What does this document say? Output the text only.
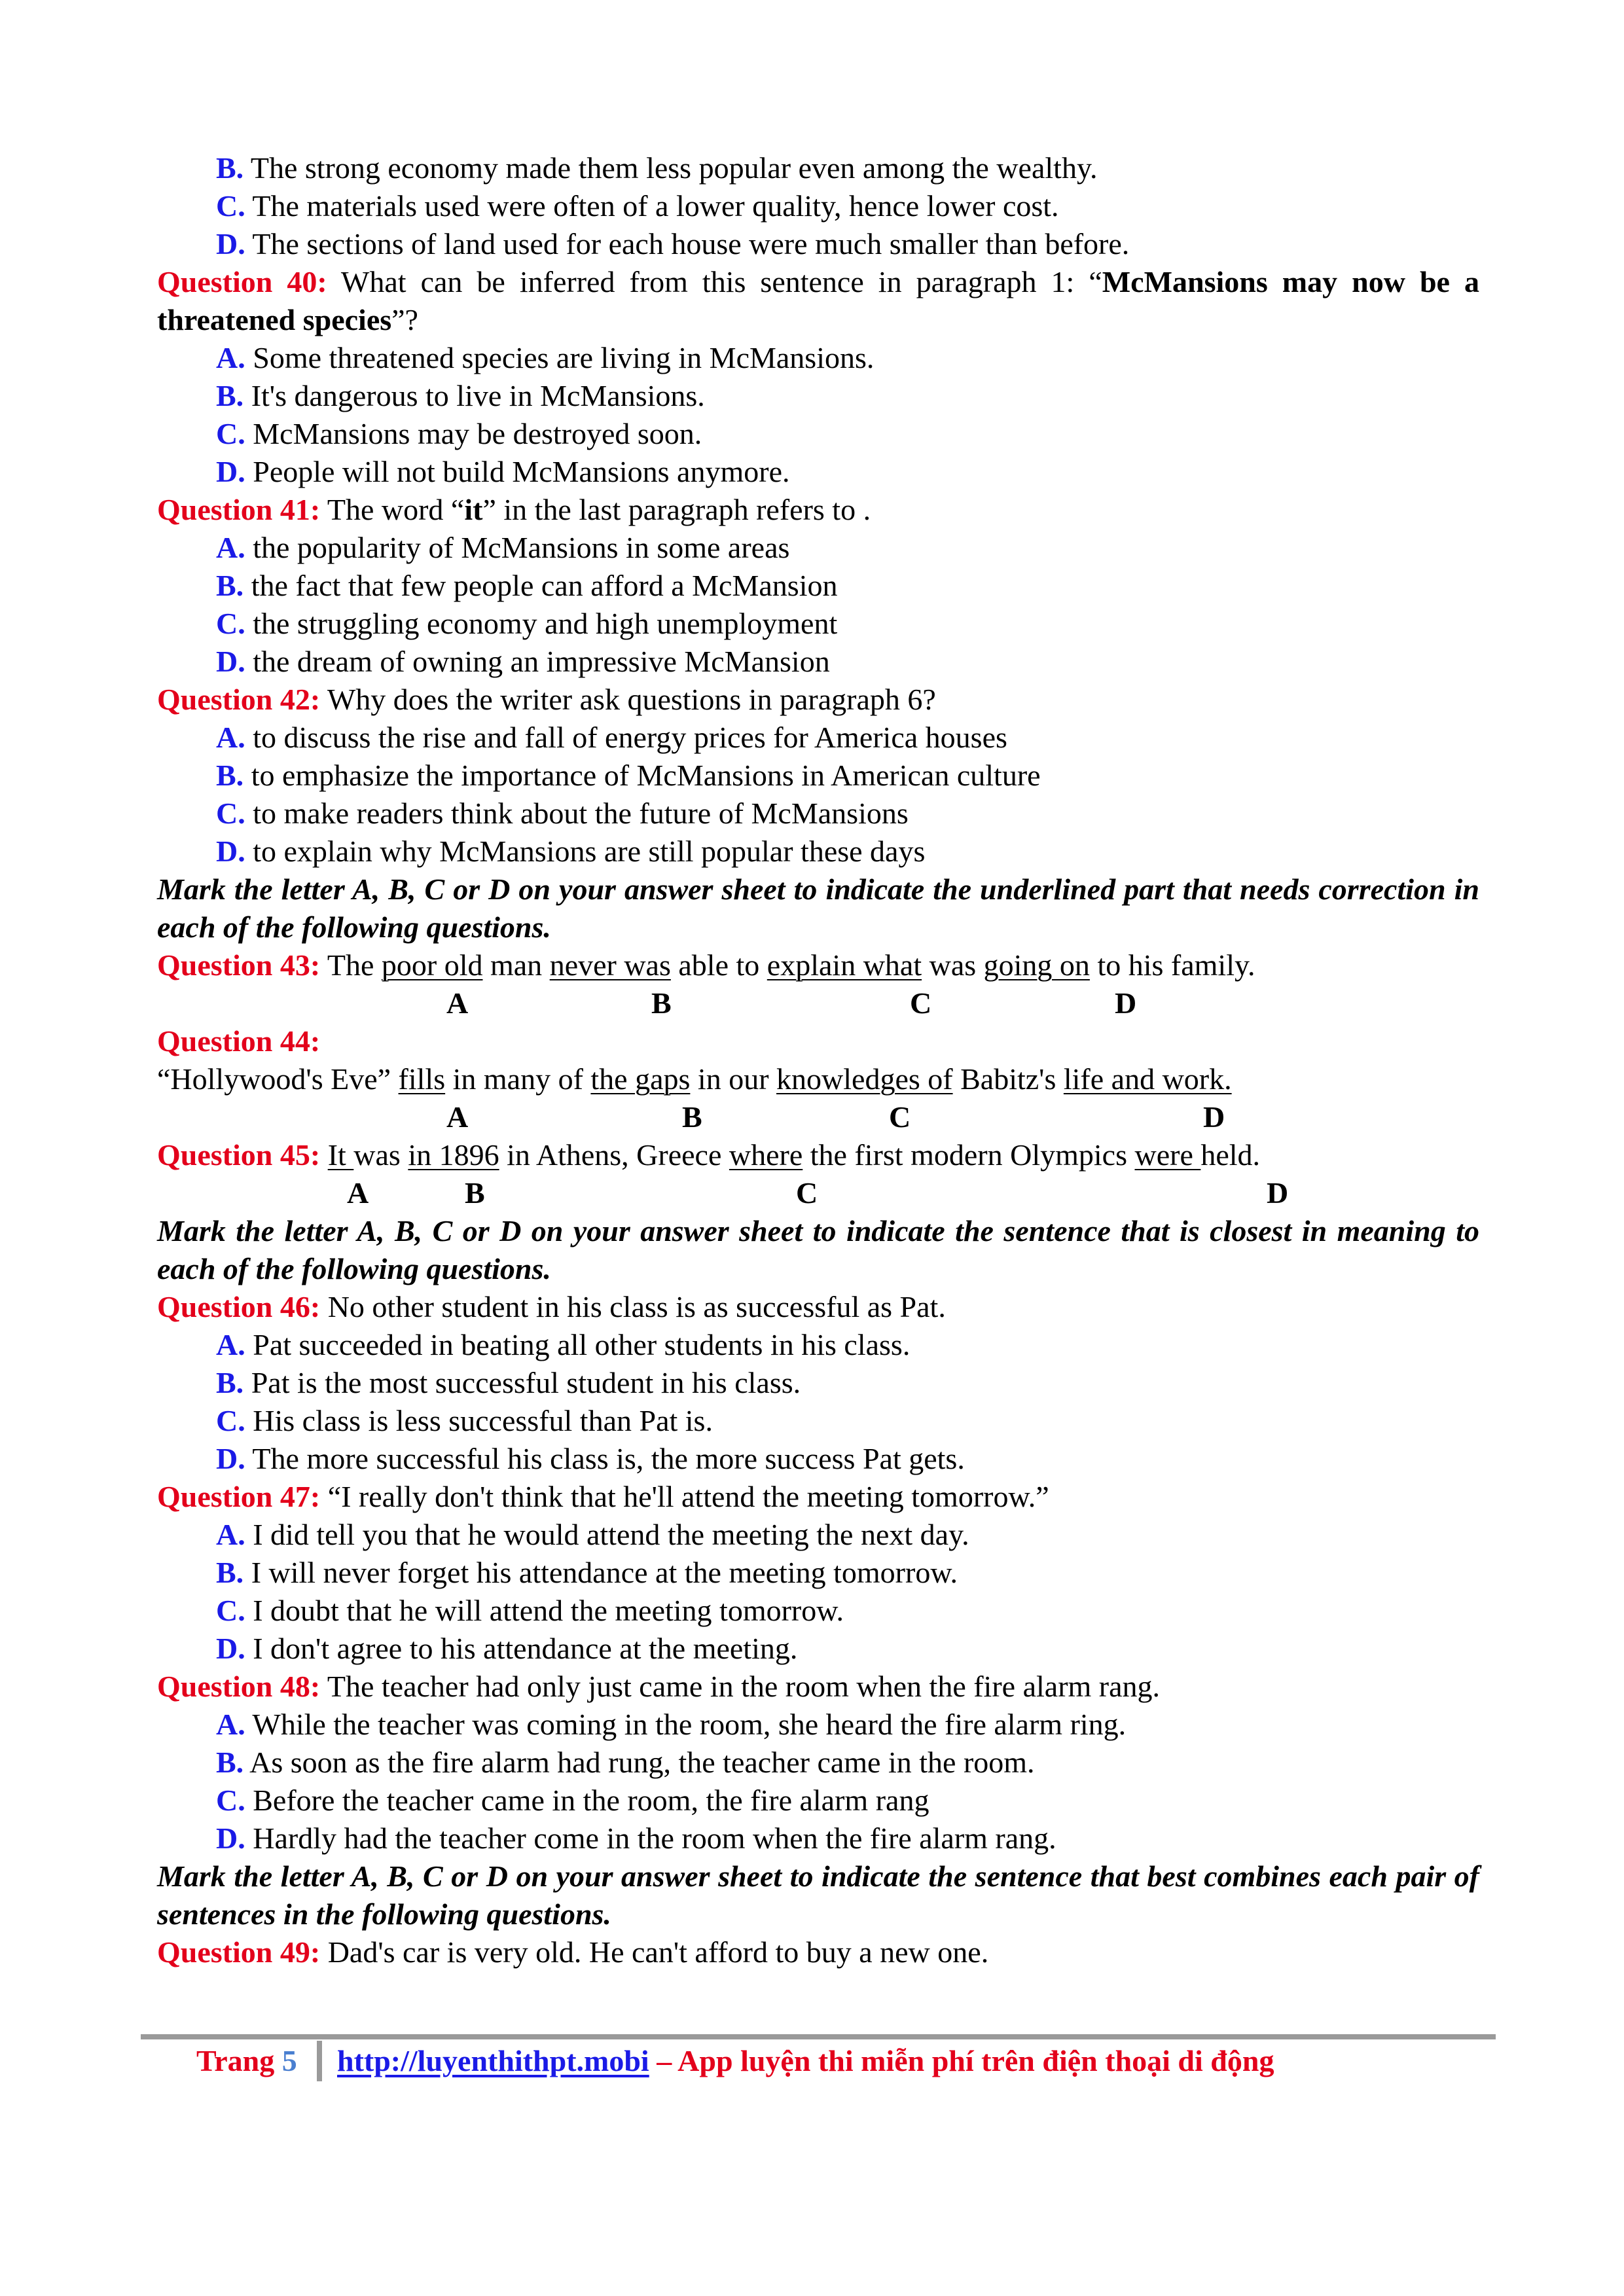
B. The strong economy made them less popular even among the wealthy.
C. The materials used were often of a lower quality, hence lower cost.
D. The sections of land used for each house were much smaller than before.
Question 40: What can be inferred from this sentence in paragraph 1: “McMansions may now be a threatened species”?
A. Some threatened species are living in McMansions.
B. It's dangerous to live in McMansions.
C. McMansions may be destroyed soon.
D. People will not build McMansions anymore.
Question 41: The word “it” in the last paragraph refers to .
A. the popularity of McMansions in some areas
B. the fact that few people can afford a McMansion
C. the struggling economy and high unemployment
D. the dream of owning an impressive McMansion
Question 42: Why does the writer ask questions in paragraph 6?
A. to discuss the rise and fall of energy prices for America houses
B. to emphasize the importance of McMansions in American culture
C. to make readers think about the future of McMansions
D. to explain why McMansions are still popular these days
Mark the letter A, B, C or D on your answer sheet to indicate the underlined part that needs correction in each of the following questions.
Question 43: The poor old man never was able to explain what was going on to his family.
A	B	C	D
Question 44:
“Hollywood's Eve” fills in many of the gaps in our knowledges of Babitz's life and work.
A	B	C	D
Question 45: It was in 1896 in Athens, Greece where the first modern Olympics were held.
A	B	C	D
Mark the letter A, B, C or D on your answer sheet to indicate the sentence that is closest in meaning to each of the following questions.
Question 46: No other student in his class is as successful as Pat.
A. Pat succeeded in beating all other students in his class.
B. Pat is the most successful student in his class.
C. His class is less successful than Pat is.
D. The more successful his class is, the more success Pat gets.
Question 47: “I really don't think that he'll attend the meeting tomorrow.”
A. I did tell you that he would attend the meeting the next day.
B. I will never forget his attendance at the meeting tomorrow.
C. I doubt that he will attend the meeting tomorrow.
D. I don't agree to his attendance at the meeting.
Question 48: The teacher had only just came in the room when the fire alarm rang.
A. While the teacher was coming in the room, she heard the fire alarm ring.
B. As soon as the fire alarm had rung, the teacher came in the room.
C. Before the teacher came in the room, the fire alarm rang
D. Hardly had the teacher come in the room when the fire alarm rang.
Mark the letter A, B, C or D on your answer sheet to indicate the sentence that best combines each pair of sentences in the following questions.
Question 49: Dad's car is very old. He can't afford to buy a new one.
Trang 5 http://luyenthithpt.mobi – App luyện thi miễn phí trên điện thoại di động
